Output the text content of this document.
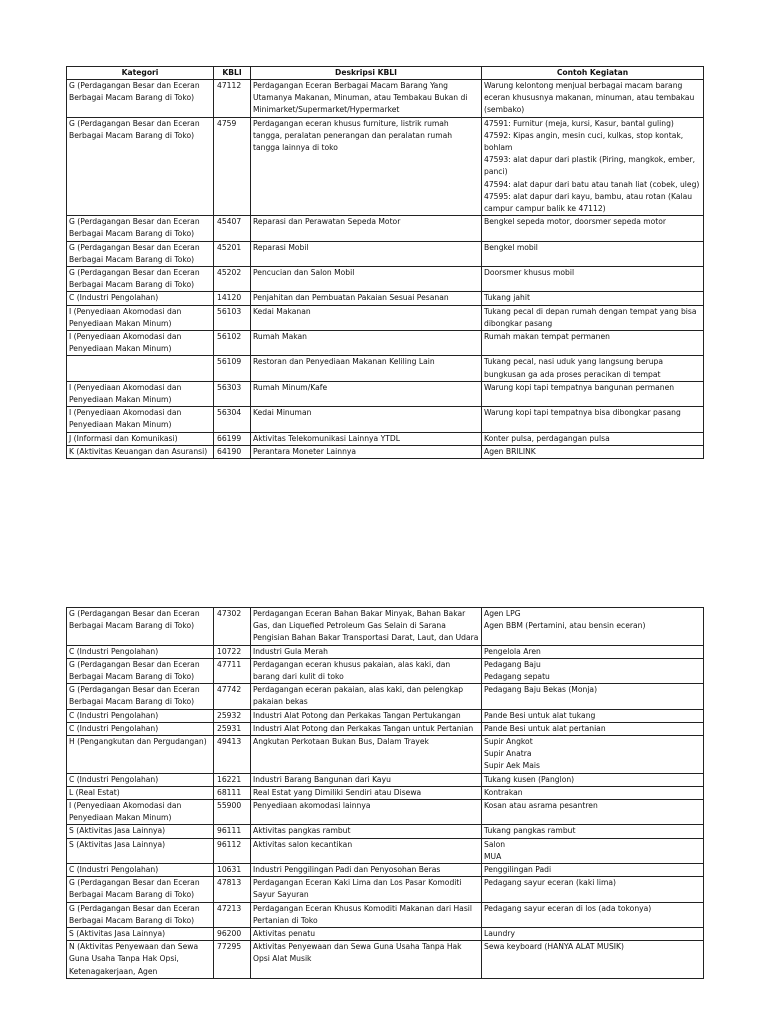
Kategori	KBLI	Deskripsi KBLI	Contoh Kegiatan
G (Perdagangan Besar dan Eceran Berbagai Macam Barang di Toko)	47112	Perdagangan Eceran Berbagai Macam Barang Yang Utamanya Makanan, Minuman, atau Tembakau Bukan di Minimarket/Supermarket/Hypermarket	Warung kelontong menjual berbagai macam barang eceran khususnya makanan, minuman, atau tembakau (sembako)

G (Perdagangan Besar dan Eceran Berbagai Macam Barang di Toko)	4759	Perdagangan eceran khusus furniture, listrik rumah tangga, peralatan penerangan dan peralatan rumah tangga lainnya di toko	47591: Furnitur (meja, kursi, Kasur, bantal guling)
47592: Kipas angin, mesin cuci, kulkas, stop kontak, bohlam
47593: alat dapur dari plastik (Piring, mangkok, ember, panci)
47594: alat dapur dari batu atau tanah liat (cobek, uleg)
47595: alat dapur dari kayu, bambu, atau rotan (Kalau campur campur balik ke 47112)

G (Perdagangan Besar dan Eceran Berbagai Macam Barang di Toko)	45407	Reparasi dan Perawatan Sepeda Motor	Bengkel sepeda motor, doorsmer sepeda motor

G (Perdagangan Besar dan Eceran Berbagai Macam Barang di Toko)	45201	Reparasi Mobil	Bengkel mobil

G (Perdagangan Besar dan Eceran Berbagai Macam Barang di Toko)	45202	Pencucian dan Salon Mobil	Doorsmer khusus mobil

C (Industri Pengolahan)	14120	Penjahitan dan Pembuatan Pakaian Sesuai Pesanan	Tukang jahit

I (Penyediaan Akomodasi dan Penyediaan Makan Minum)	56103	Kedai Makanan	Tukang pecal di depan rumah dengan tempat yang bisa dibongkar pasang

I (Penyediaan Akomodasi dan Penyediaan Makan Minum)	56102	Rumah Makan	Rumah makan tempat permanen

	56109	Restoran dan Penyediaan Makanan Keliling Lain	Tukang pecal, nasi uduk yang langsung berupa bungkusan ga ada proses peracikan di tempat

I (Penyediaan Akomodasi dan Penyediaan Makan Minum)	56303	Rumah Minum/Kafe	Warung kopi tapi tempatnya bangunan permanen

I (Penyediaan Akomodasi dan Penyediaan Makan Minum)	56304	Kedai Minuman	Warung kopi tapi tempatnya bisa dibongkar pasang

J (Informasi dan Komunikasi)	66199	Aktivitas Telekomunikasi Lainnya YTDL	Konter pulsa, perdagangan pulsa

K (Aktivitas Keuangan dan Asuransi)	64190	Perantara Moneter Lainnya	Agen BRILINK
G (Perdagangan Besar dan Eceran Berbagai Macam Barang di Toko)	47302	Perdagangan Eceran Bahan Bakar Minyak, Bahan Bakar Gas, dan Liquefied Petroleum Gas Selain di Sarana Pengisian Bahan Bakar Transportasi Darat, Laut, dan Udara	Agen LPG
Agen BBM (Pertamini, atau bensin eceran)

C (Industri Pengolahan)	10722	Industri Gula Merah	Pengelola Aren

G (Perdagangan Besar dan Eceran Berbagai Macam Barang di Toko)	47711	Perdagangan eceran khusus pakaian, alas kaki, dan barang dari kulit di toko	Pedagang Baju
Pedagang sepatu

G (Perdagangan Besar dan Eceran Berbagai Macam Barang di Toko)	47742	Perdagangan eceran pakaian, alas kaki, dan pelengkap pakaian bekas	Pedagang Baju Bekas (Monja)

C (Industri Pengolahan)	25932	Industri Alat Potong dan Perkakas Tangan Pertukangan	Pande Besi untuk alat tukang

C (Industri Pengolahan)	25931	Industri Alat Potong dan Perkakas Tangan untuk Pertanian	Pande Besi untuk alat pertanian

H (Pengangkutan dan Pergudangan)	49413	Angkutan Perkotaan Bukan Bus, Dalam Trayek	Supir Angkot
Supir Anatra
Supir Aek Mais

C (Industri Pengolahan)	16221	Industri Barang Bangunan dari Kayu	Tukang kusen (Panglon)

L (Real Estat)	68111	Real Estat yang Dimiliki Sendiri atau Disewa	Kontrakan

I (Penyediaan Akomodasi dan Penyediaan Makan Minum)	55900	Penyediaan akomodasi lainnya	Kosan atau asrama pesantren

S (Aktivitas Jasa Lainnya)	96111	Aktivitas pangkas rambut	Tukang pangkas rambut

S (Aktivitas Jasa Lainnya)	96112	Aktivitas salon kecantikan	Salon
MUA

C (Industri Pengolahan)	10631	Industri Penggilingan Padi dan Penyosohan Beras	Penggilingan Padi

G (Perdagangan Besar dan Eceran Berbagai Macam Barang di Toko)	47813	Perdagangan Eceran Kaki Lima dan Los Pasar Komoditi Sayur Sayuran	Pedagang sayur eceran (kaki lima)

G (Perdagangan Besar dan Eceran Berbagai Macam Barang di Toko)	47213	Perdagangan Eceran Khusus Komoditi Makanan dari Hasil Pertanian di Toko	Pedagang sayur eceran di los (ada tokonya)

S (Aktivitas Jasa Lainnya)	96200	Aktivitas penatu	Laundry

N (Aktivitas Penyewaan dan Sewa Guna Usaha Tanpa Hak Opsi, Ketenagakerjaan, Agen	77295	Aktivitas Penyewaan dan Sewa Guna Usaha Tanpa Hak Opsi Alat Musik	Sewa keyboard (HANYA ALAT MUSIK)
